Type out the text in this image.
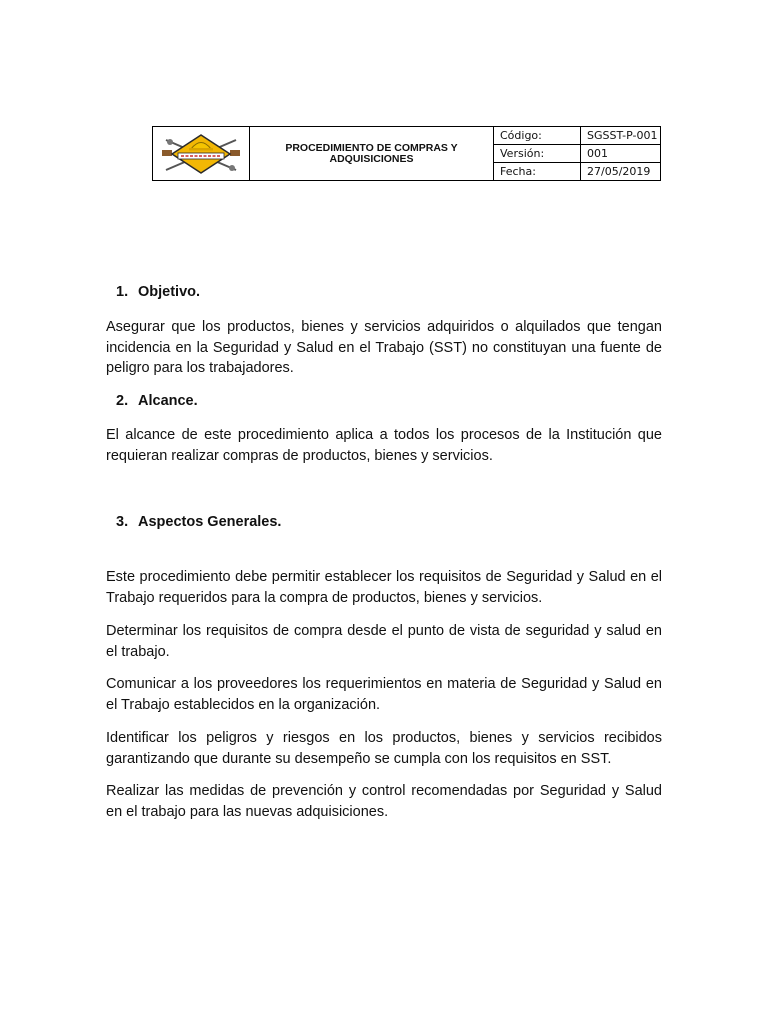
PROCEDIMIENTO DE COMPRAS Y
ADQUISICIONES	Código:	SGSST-P-001
		Versión:	001
		Fecha:	27/05/2019
1. Objetivo.

Asegurar que los productos, bienes y servicios adquiridos o alquilados que tengan incidencia en la Seguridad y Salud en el Trabajo (SST) no constituyan una fuente de peligro para los trabajadores.

2. Alcance.

El alcance de este procedimiento aplica a todos los procesos de la Institución que requieran realizar compras de productos, bienes y servicios.

3. Aspectos Generales.

Este procedimiento debe permitir establecer los requisitos de Seguridad y Salud en el Trabajo requeridos para la compra de productos, bienes y servicios.

Determinar los requisitos de compra desde el punto de vista de seguridad y salud en el trabajo.

Comunicar a los proveedores los requerimientos en materia de Seguridad y Salud en el Trabajo establecidos en la organización.

Identificar los peligros y riesgos en los productos, bienes y servicios recibidos garantizando que durante su desempeño se cumpla con los requisitos en SST.

Realizar las medidas de prevención y control recomendadas por Seguridad y Salud en el trabajo para las nuevas adquisiciones.
